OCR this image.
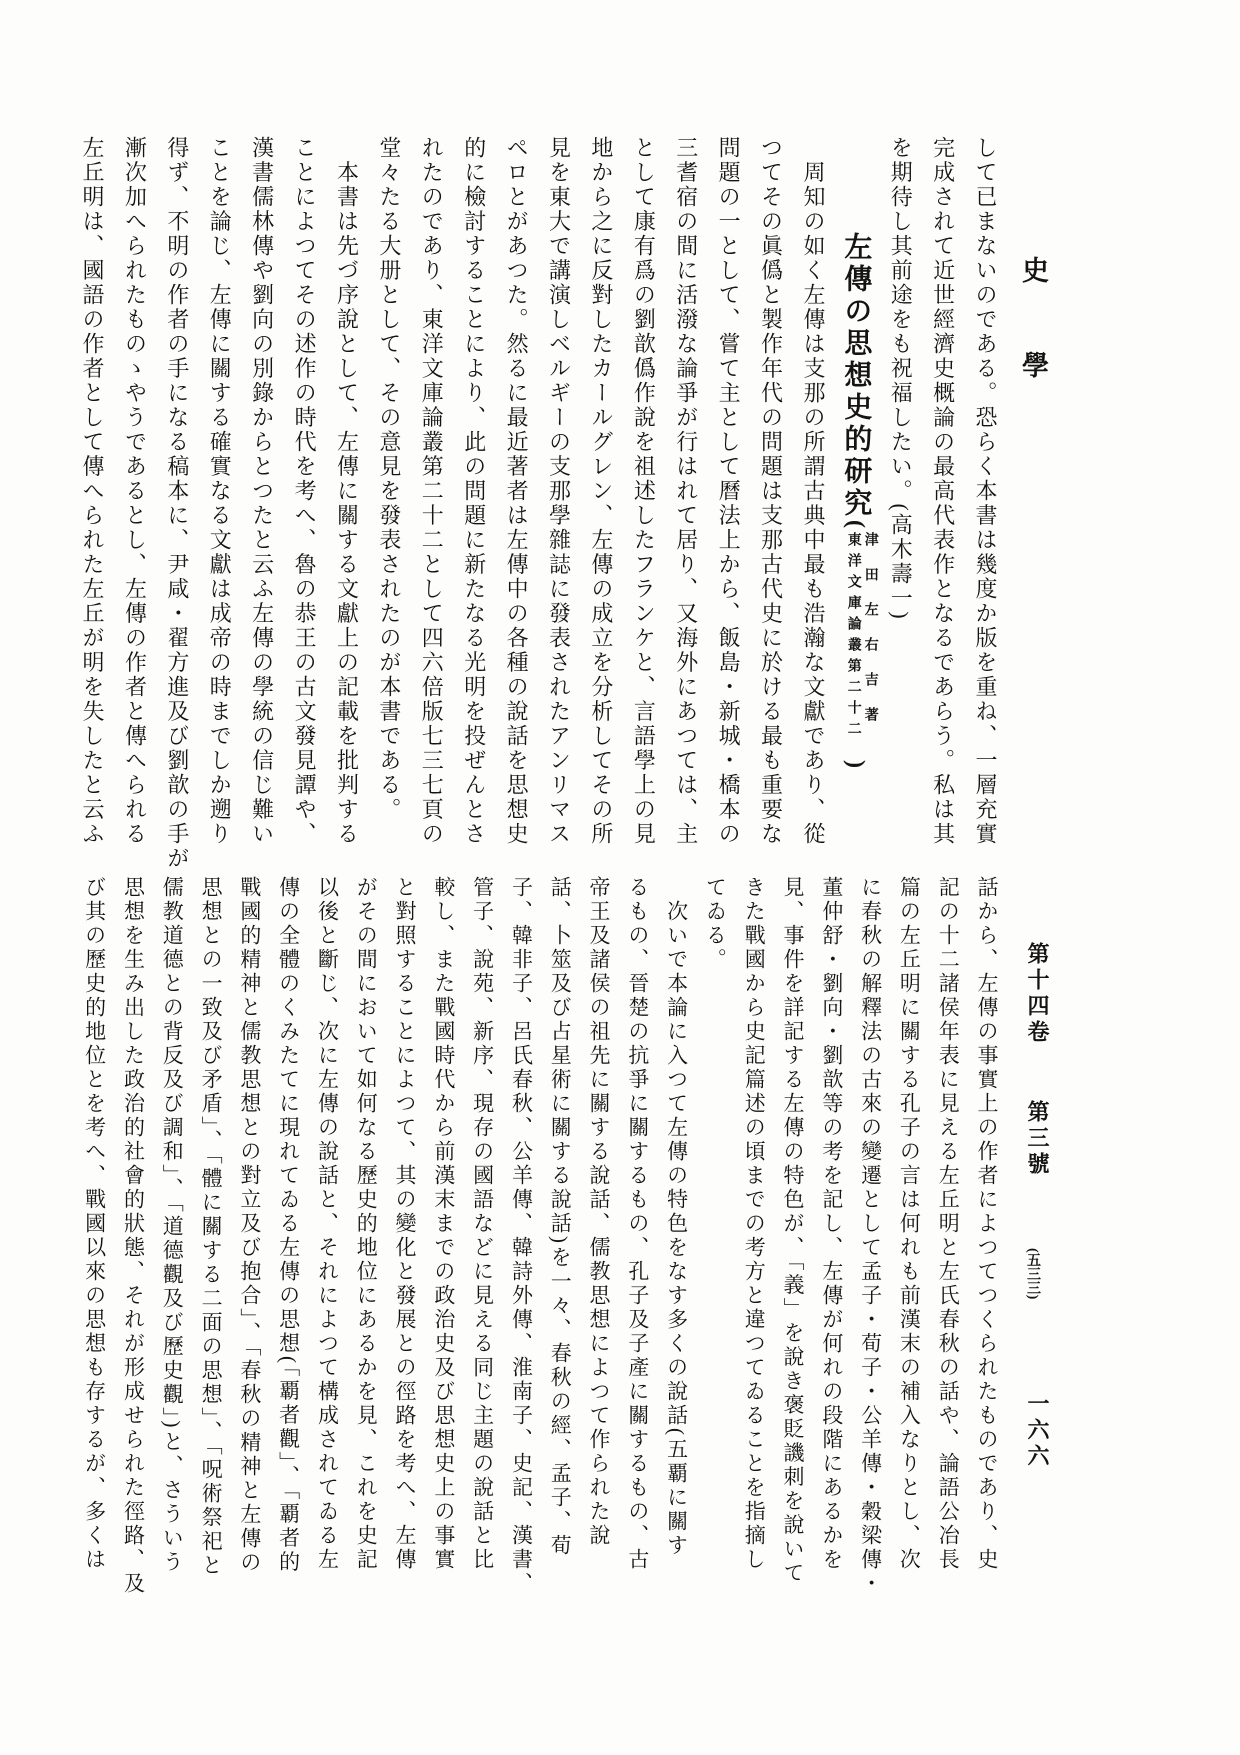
史學
して已まないのである。恐らく本書は幾度か版を重ね、一層充實
完成されて近世經濟史概論の最高代表作となるであらう。私は其
を期待し其前途をも祝福したい。(高木壽一)
左傳の思想史的研究(
津田左右吉著
東洋文庫論叢第二十二
)
　周知の如く左傳は支那の所謂古典中最も浩瀚な文獻であり、從
つてその眞僞と製作年代の問題は支那古代史に於ける最も重要な
問題の一として、嘗て主として曆法上から、飯島・新城・橋本の
三耆宿の間に活潑な論爭が行はれて居り、又海外にあつては、主
として康有爲の劉歆僞作說を祖述したフランケと、言語學上の見
地から之に反對したカールグレン、左傳の成立を分析してその所
見を東大で講演しベルギーの支那學雜誌に發表されたアンリマス
ペロとがあつた。然るに最近著者は左傳中の各種の說話を思想史
的に檢討することにより、此の問題に新たなる光明を投ぜんとさ
れたのであり、東洋文庫論叢第二十二として四六倍版七三七頁の
堂々たる大册として、その意見を發表されたのが本書である。
　本書は先づ序說として、左傳に關する文獻上の記載を批判する
ことによつてその述作の時代を考へ、魯の恭王の古文發見譚や、
漢書儒林傳や劉向の別錄からとつたと云ふ左傳の學統の信じ難い
ことを論じ、左傳に關する確實なる文獻は成帝の時までしか遡り
得ず、不明の作者の手になる稿本に、尹咸・翟方進及び劉歆の手が
漸次加へられたものゝやうであるとし、左傳の作者と傳へられる
左丘明は、國語の作者として傳へられた左丘が明を失したと云ふ
話から、左傳の事實上の作者によつてつくられたものであり、史
記の十二諸侯年表に見える左丘明と左氏春秋の話や、論語公冶長
篇の左丘明に關する孔子の言は何れも前漢末の補入なりとし、次
に春秋の解釋法の古來の變遷として孟子・荀子・公羊傳・穀梁傳・
董仲舒・劉向・劉歆等の考を記し、左傳が何れの段階にあるかを
見、事件を詳記する左傳の特色が、「義」を說き褒貶譏刺を說いて
きた戰國から史記篇述の頃までの考方と違つてゐることを指摘し
てゐる。
　次いで本論に入つて左傳の特色をなす多くの說話(五覇に關す
るもの、晉楚の抗爭に關するもの、孔子及子產に關するもの、古
帝王及諸侯の祖先に關する說話、儒教思想によつて作られた說
話、卜筮及び占星術に關する說話)を一々、春秋の經、孟子、荀
子、韓非子、呂氏春秋、公羊傳、韓詩外傳、淮南子、史記、漢書、
管子、說苑、新序、現存の國語などに見える同じ主題の說話と比
較し、また戰國時代から前漢末までの政治史及び思想史上の事實
と對照することによつて、其の變化と發展との徑路を考へ、左傳
がその間において如何なる歷史的地位にあるかを見、これを史記
以後と斷じ、次に左傳の說話と、それによつて構成されてゐる左
傳の全體のくみたてに現れてゐる左傳の思想(「覇者觀」、「覇者的
戰國的精神と儒教思想との對立及び抱合」、「春秋の精神と左傳の
思想との一致及び矛盾」、「體に關する二面の思想」、「呪術祭祀と
儒教道德との背反及び調和」、「道德觀及び歷史觀」)と、さういう
思想を生み出した政治的社會的狀態、それが形成せられた徑路、及
び其の歷史的地位とを考へ、戰國以來の思想も存するが、多くは	第十四卷
第三號
(五三三)
一六六
